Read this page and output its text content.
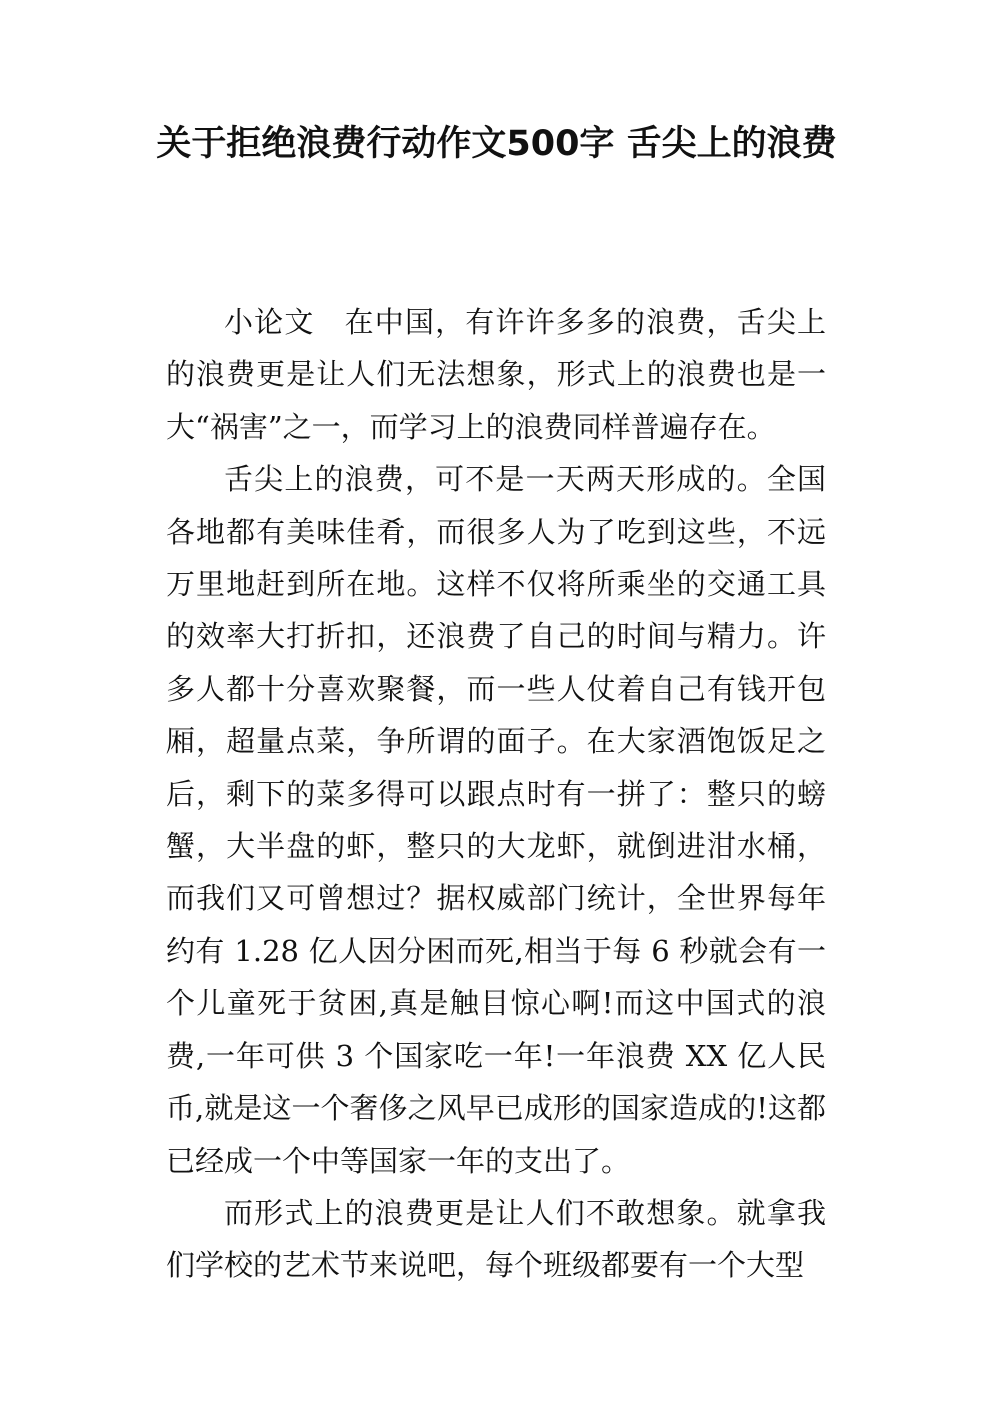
关于拒绝浪费行动作文500字 舌尖上的浪费

小论文　在中国，有许许多多的浪费，舌尖上的浪费更是让人们无法想象，形式上的浪费也是一大“祸害”之一，而学习上的浪费同样普遍存在。

舌尖上的浪费，可不是一天两天形成的。全国各地都有美味佳肴，而很多人为了吃到这些，不远万里地赶到所在地。这样不仅将所乘坐的交通工具的效率大打折扣，还浪费了自己的时间与精力。许多人都十分喜欢聚餐，而一些人仗着自己有钱开包厢，超量点菜，争所谓的面子。在大家酒饱饭足之后，剩下的菜多得可以跟点时有一拼了：整只的螃蟹，大半盘的虾，整只的大龙虾，就倒进泔水桶，而我们又可曾想过？据权威部门统计，全世界每年约有 1.28 亿人因分困而死,相当于每 6 秒就会有一个儿童死于贫困,真是触目惊心啊!而这中国式的浪费,一年可供 3 个国家吃一年!一年浪费 XX 亿人民币,就是这一个奢侈之风早已成形的国家造成的!这都已经成一个中等国家一年的支出了。

而形式上的浪费更是让人们不敢想象。就拿我们学校的艺术节来说吧，每个班级都要有一个大型
